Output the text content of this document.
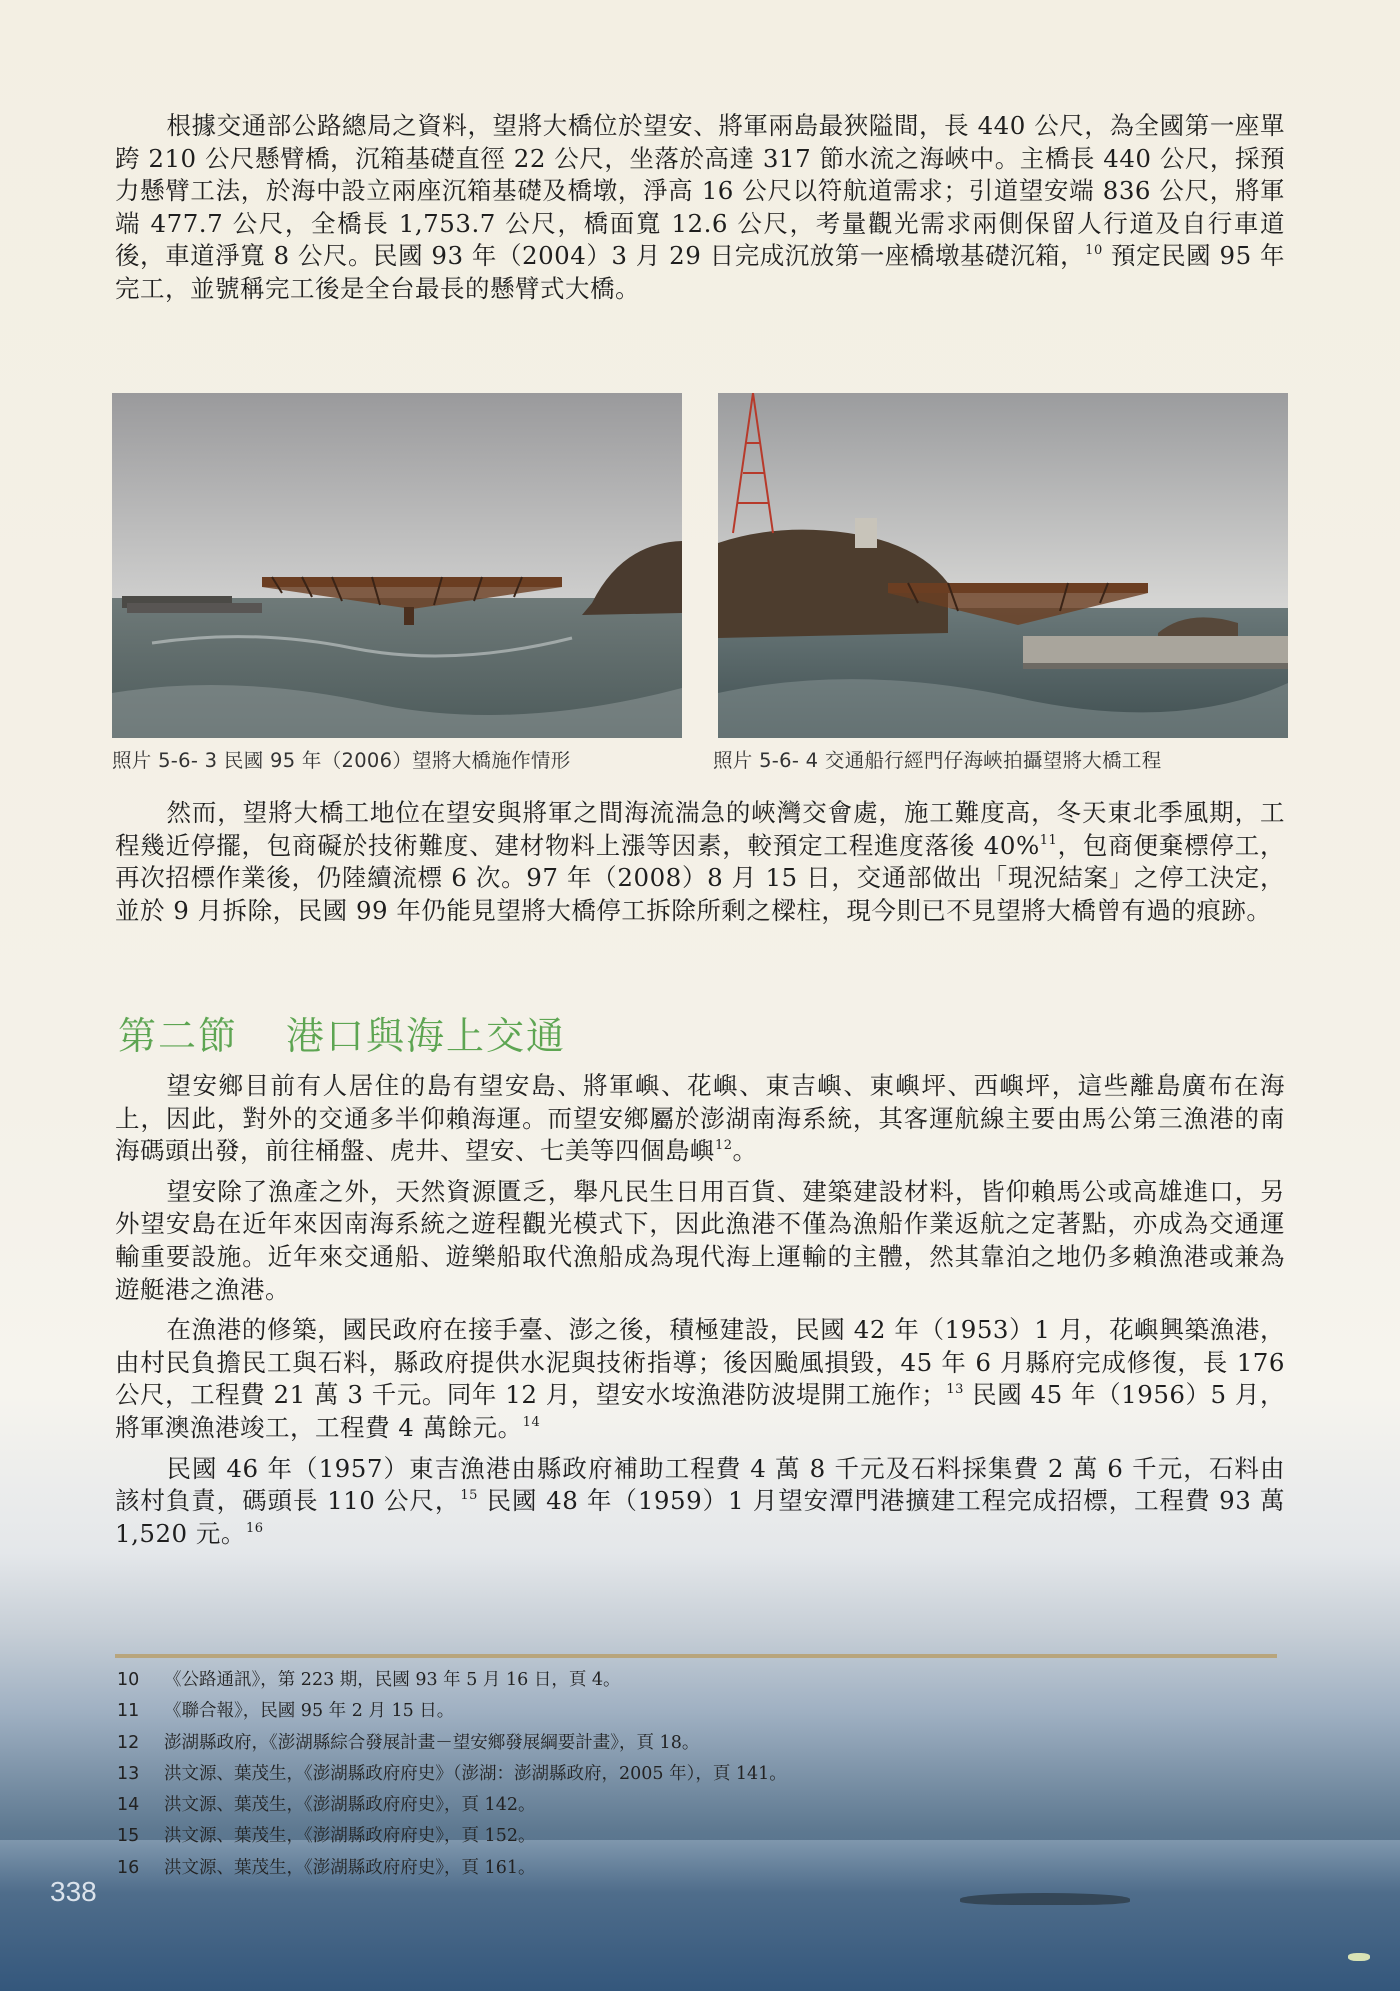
根據交通部公路總局之資料，望將大橋位於望安、將軍兩島最狹隘間，長 440 公尺，為全國第一座單跨 210 公尺懸臂橋，沉箱基礎直徑 22 公尺，坐落於高達 317 節水流之海峽中。主橋長 440 公尺，採預力懸臂工法，於海中設立兩座沉箱基礎及橋墩，淨高 16 公尺以符航道需求；引道望安端 836 公尺，將軍端 477.7 公尺，全橋長 1,753.7 公尺，橋面寬 12.6 公尺，考量觀光需求兩側保留人行道及自行車道後，車道淨寬 8 公尺。民國 93 年（2004）3 月 29 日完成沉放第一座橋墩基礎沉箱，$^{10}$ 預定民國 95 年完工，並號稱完工後是全台最長的懸臂式大橋。

照片 5-6- 3 民國 95 年（2006）望將大橋施作情形	照片 5-6- 4 交通船行經門仔海峽拍攝望將大橋工程

然而，望將大橋工地位在望安與將軍之間海流湍急的峽灣交會處，施工難度高，冬天東北季風期，工程幾近停擺，包商礙於技術難度、建材物料上漲等因素，較預定工程進度落後 40%$^{11}$，包商便棄標停工，再次招標作業後，仍陸續流標 6 次。97 年（2008）8 月 15 日，交通部做出「現況結案」之停工決定，並於 9 月拆除，民國 99 年仍能見望將大橋停工拆除所剩之樑柱，現今則已不見望將大橋曾有過的痕跡。

第二節 港口與海上交通

望安鄉目前有人居住的島有望安島、將軍嶼、花嶼、東吉嶼、東嶼坪、西嶼坪，這些離島廣布在海上，因此，對外的交通多半仰賴海運。而望安鄉屬於澎湖南海系統，其客運航線主要由馬公第三漁港的南海碼頭出發，前往桶盤、虎井、望安、七美等四個島嶼$^{12}$。

望安除了漁產之外，天然資源匱乏，舉凡民生日用百貨、建築建設材料，皆仰賴馬公或高雄進口，另外望安島在近年來因南海系統之遊程觀光模式下，因此漁港不僅為漁船作業返航之定著點，亦成為交通運輸重要設施。近年來交通船、遊樂船取代漁船成為現代海上運輸的主體，然其靠泊之地仍多賴漁港或兼為遊艇港之漁港。

在漁港的修築，國民政府在接手臺、澎之後，積極建設，民國 42 年（1953）1 月，花嶼興築漁港，由村民負擔民工與石料，縣政府提供水泥與技術指導；後因颱風損毀，45 年 6 月縣府完成修復，長 176 公尺，工程費 21 萬 3 千元。同年 12 月，望安水垵漁港防波堤開工施作；$^{13}$ 民國 45 年（1956）5 月，將軍澳漁港竣工，工程費 4 萬餘元。$^{14}$

民國 46 年（1957）東吉漁港由縣政府補助工程費 4 萬 8 千元及石料採集費 2 萬 6 千元，石料由該村負責，碼頭長 110 公尺，$^{15}$ 民國 48 年（1959）1 月望安潭門港擴建工程完成招標，工程費 93 萬 1,520 元。$^{16}$

10	《公路通訊》，第 223 期，民國 93 年 5 月 16 日，頁 4。
11	《聯合報》，民國 95 年 2 月 15 日。
12	澎湖縣政府，《澎湖縣綜合發展計畫－望安鄉發展綱要計畫》，頁 18。
13	洪文源、葉茂生，《澎湖縣政府府史》（澎湖：澎湖縣政府，2005 年），頁 141。
14	洪文源、葉茂生，《澎湖縣政府府史》，頁 142。
15	洪文源、葉茂生，《澎湖縣政府府史》，頁 152。
16	洪文源、葉茂生，《澎湖縣政府府史》，頁 161。
338
